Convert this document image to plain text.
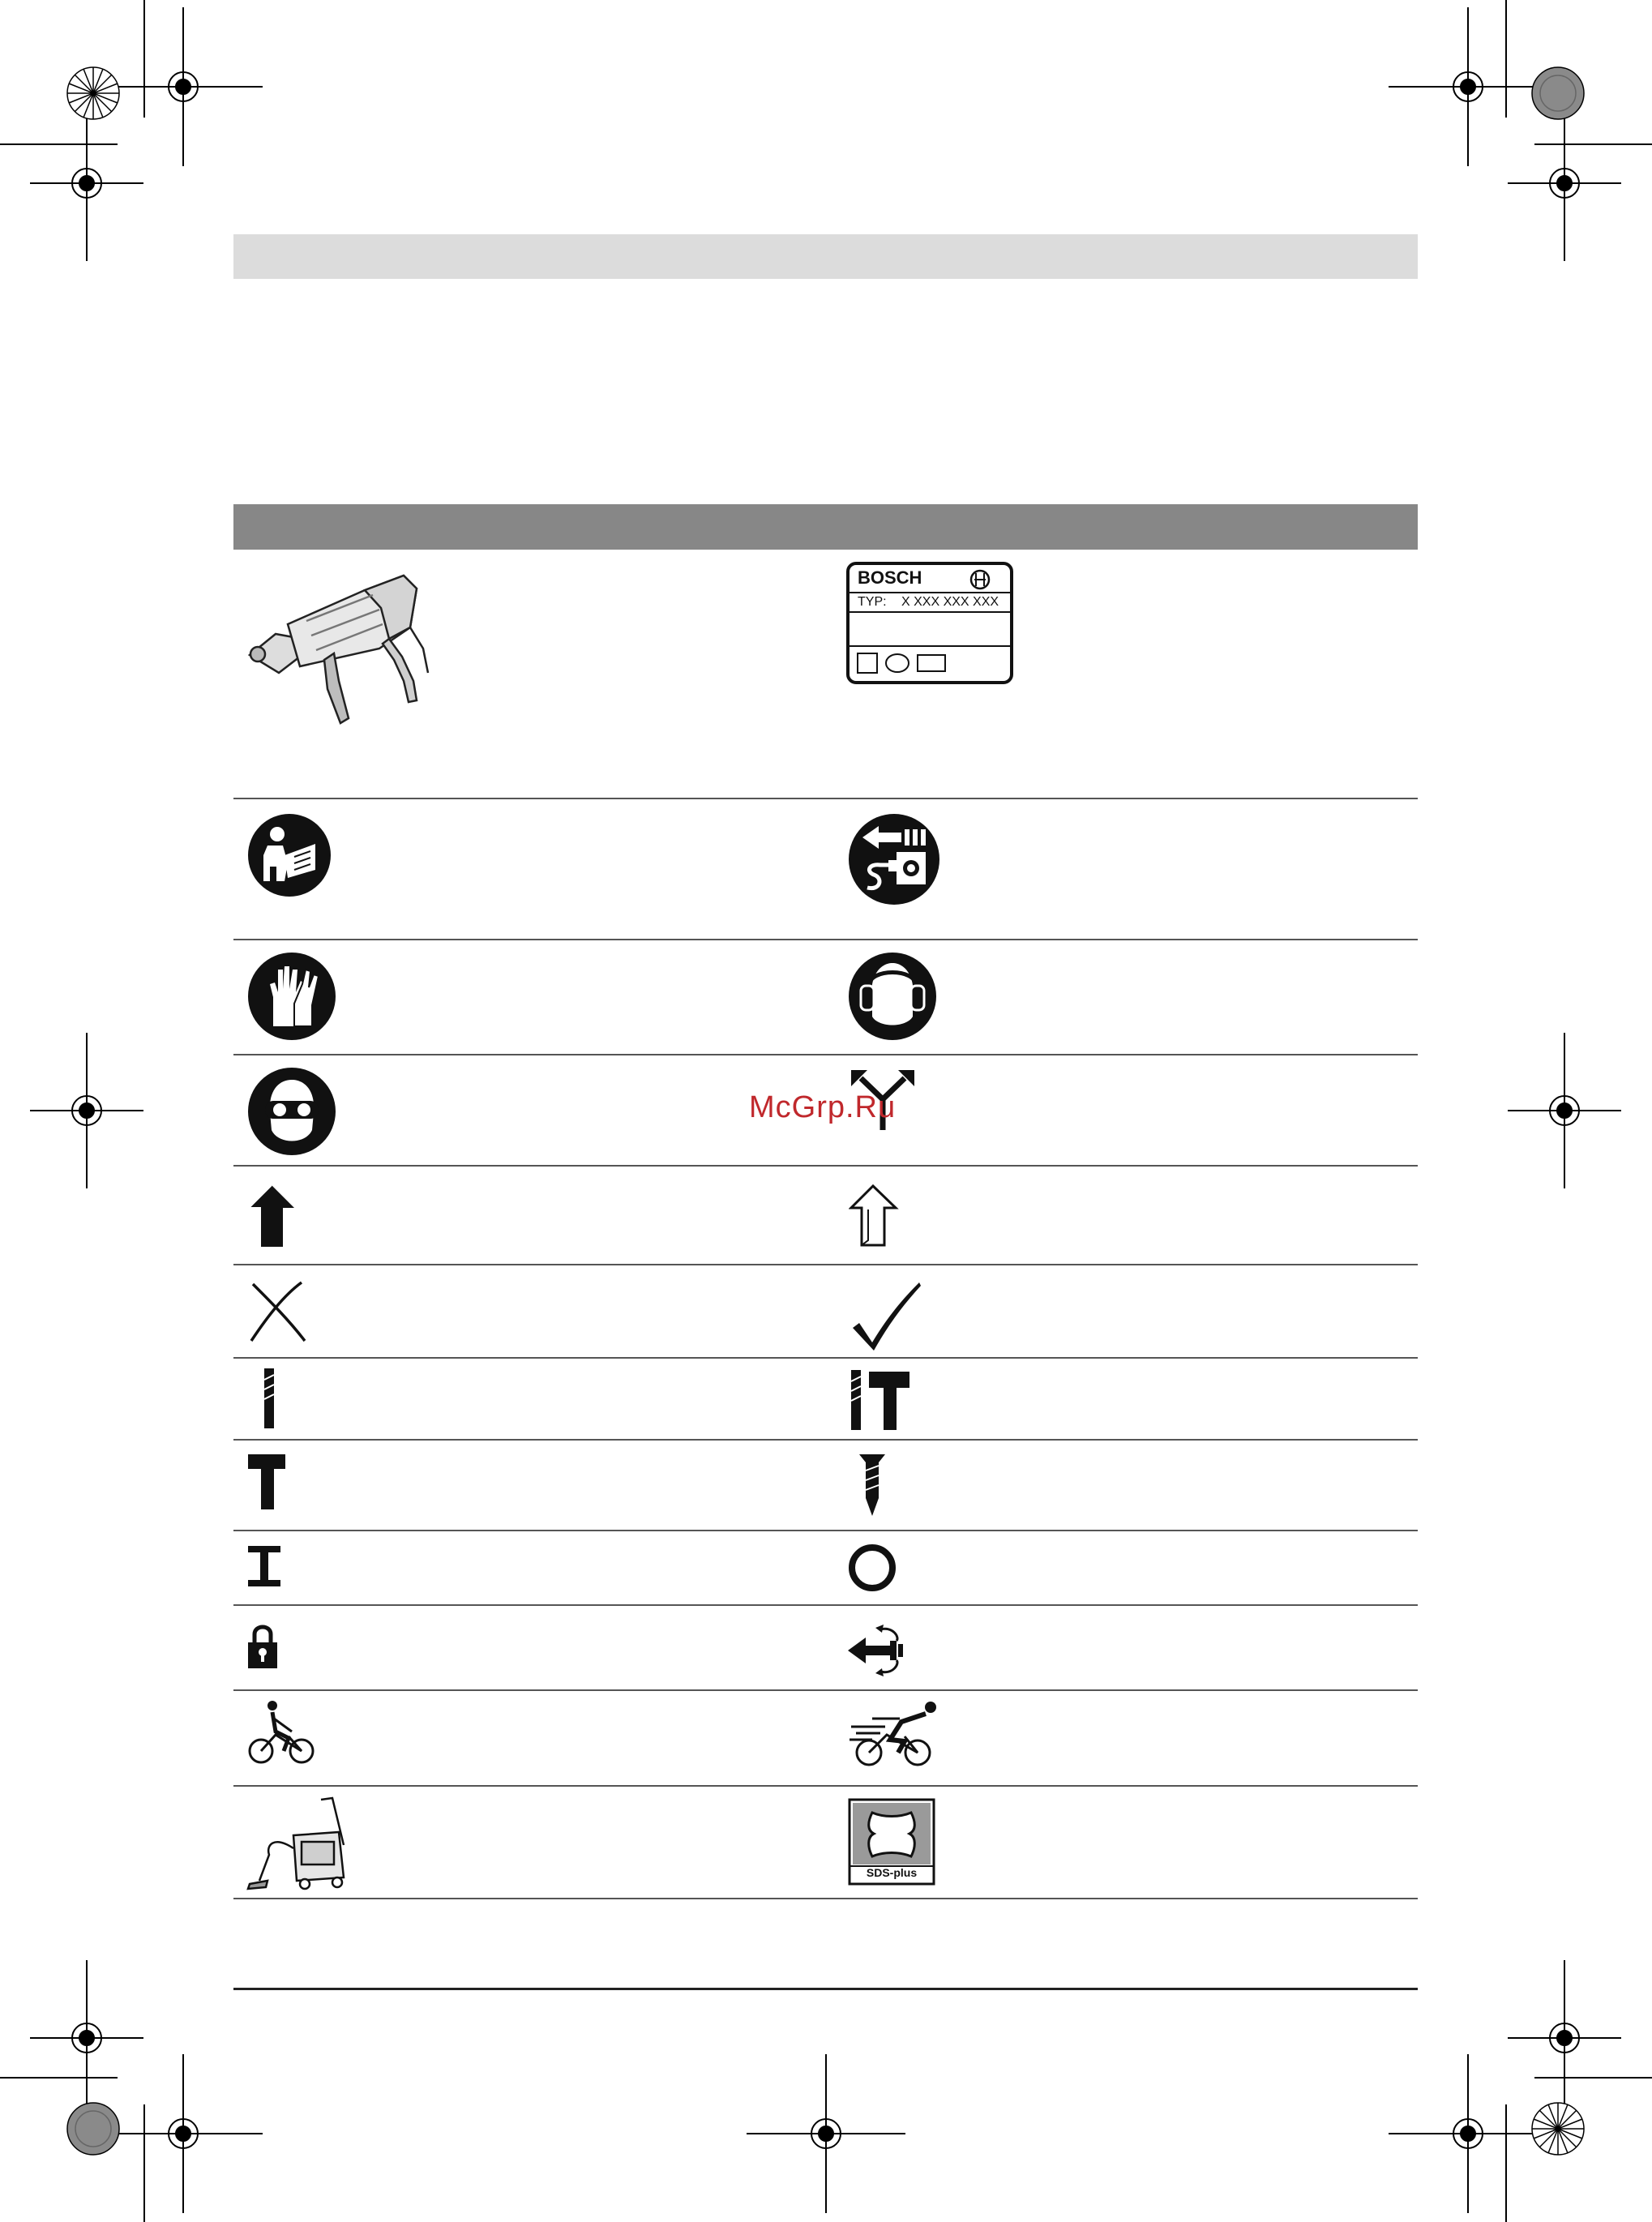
BOSCH
TYP: X XXX XXX XXX
SDS-plus
McGrp.Ru
